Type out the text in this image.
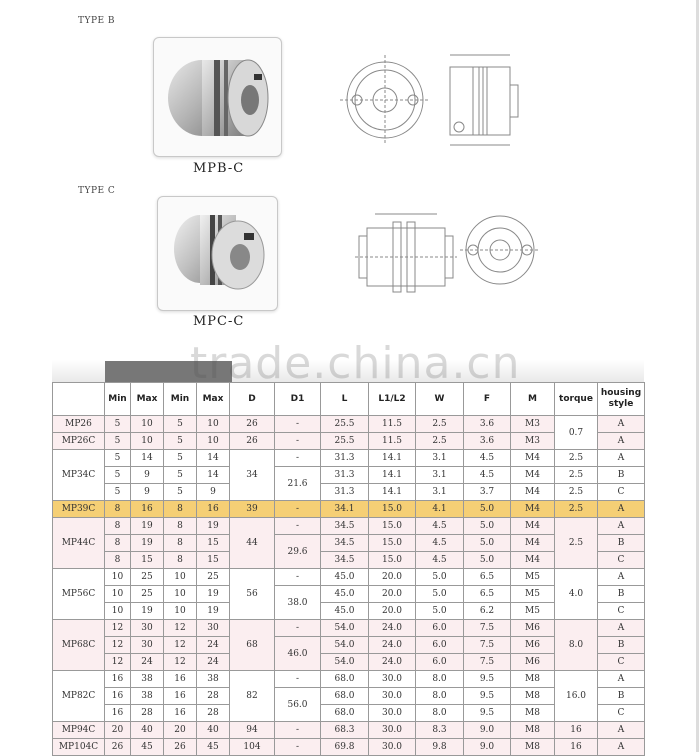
TYPE B
MPB-C
TYPE C
MPC-C
	Min	Max	Min	Max	D	D1	L	L1/L2	W	F	M	torque	housing style
MP26	5	10	5	10	26	-	25.5	11.5	2.5	3.6	M3	0.7	A
MP26C	5	10	5	10	26	-	25.5	11.5	2.5	3.6	M3		A
MP34C	5	14	5	14	34	-	31.3	14.1	3.1	4.5	M4	2.5	A
	5	9	5	14		21.6	31.3	14.1	3.1	4.5	M4	2.5	B
	5	9	5	9			31.3	14.1	3.1	3.7	M4	2.5	C
MP39C	8	16	8	16	39	-	34.1	15.0	4.1	5.0	M4	2.5	A
MP44C	8	19	8	19	44	-	34.5	15.0	4.5	5.0	M4	2.5	A
	8	19	8	15		29.6	34.5	15.0	4.5	5.0	M4		B
	8	15	8	15			34.5	15.0	4.5	5.0	M4		C
MP56C	10	25	10	25	56	-	45.0	20.0	5.0	6.5	M5	4.0	A
	10	25	10	19		38.0	45.0	20.0	5.0	6.5	M5		B
	10	19	10	19			45.0	20.0	5.0	6.2	M5		C
MP68C	12	30	12	30	68	-	54.0	24.0	6.0	7.5	M6	8.0	A
	12	30	12	24		46.0	54.0	24.0	6.0	7.5	M6		B
	12	24	12	24			54.0	24.0	6.0	7.5	M6		C
MP82C	16	38	16	38	82	-	68.0	30.0	8.0	9.5	M8	16.0	A
	16	38	16	28		56.0	68.0	30.0	8.0	9.5	M8		B
	16	28	16	28			68.0	30.0	8.0	9.5	M8		C
MP94C	20	40	20	40	94	-	68.3	30.0	8.3	9.0	M8	16	A
MP104C	26	45	26	45	104	-	69.8	30.0	9.8	9.0	M8	16	A
trade.china.cn
